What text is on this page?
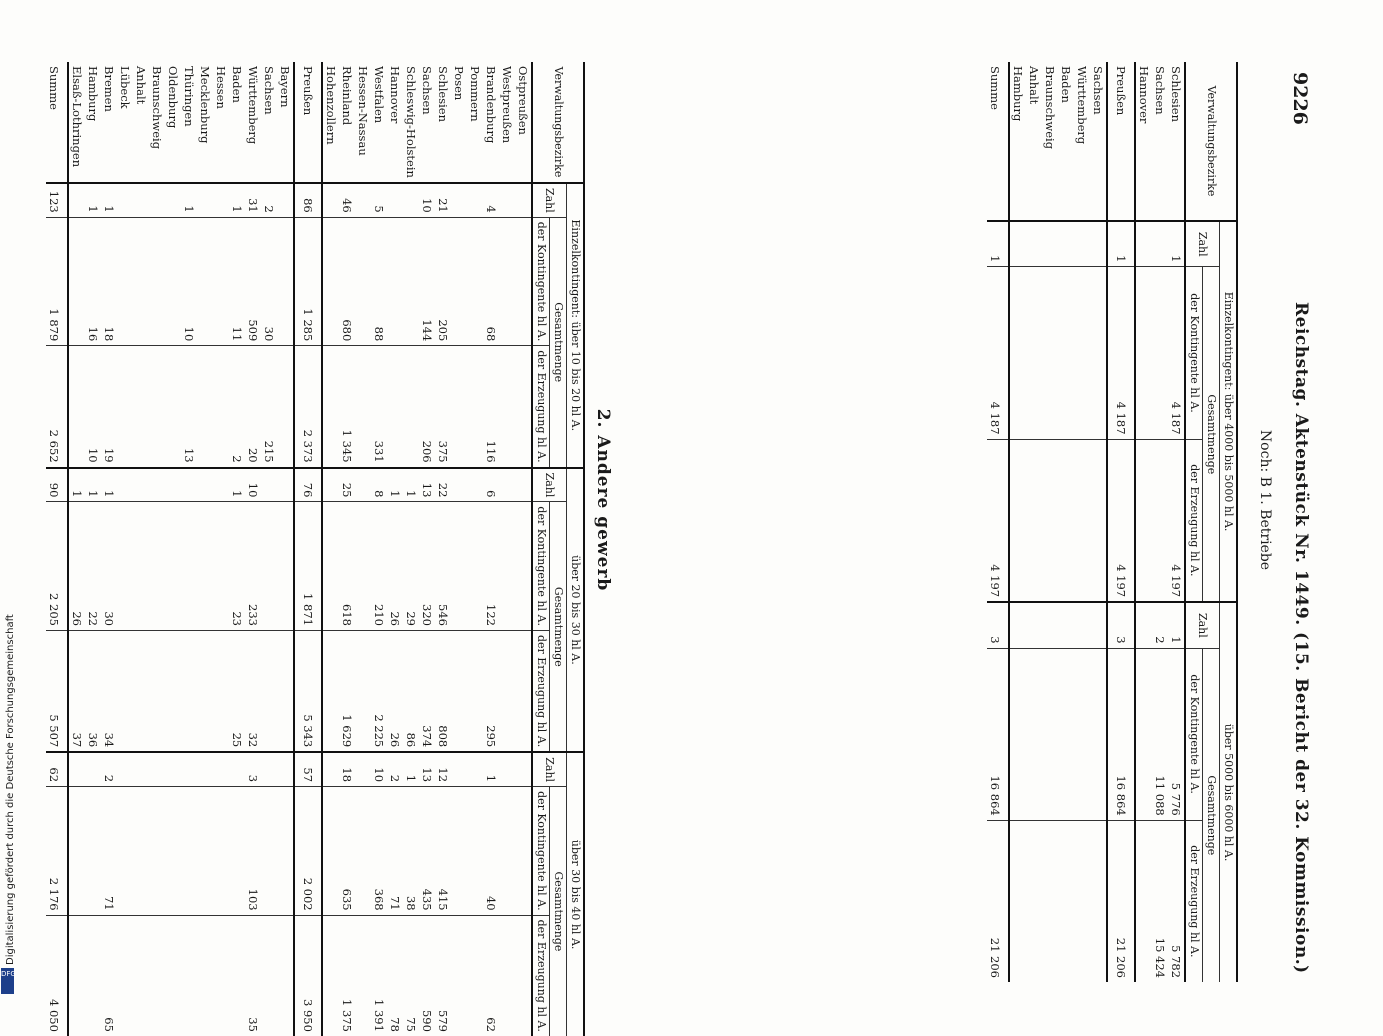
9226
Reichstag. Aktenstück Nr. 1449. (15. Bericht der 32. Kommission.)
Noch: B 1. Betriebe
Verwaltungsbezirke	Einzelkontingent: über 4000 bis 5000 hl A.			über 5000 bis 6000 hl A.		
	Zahl	Gesamtmenge		Zahl	Gesamtmenge	
		der Kontingente hl A.	der Erzeugung hl A.		der Kontingente hl A.	der Erzeugung hl A.
Schlesien	1	4 187	4 197	1	5 776	5 782
Sachsen				2	11 088	15 424
Hannover						
Preußen	1	4 187	4 197	3	16 864	21 206
Sachsen						
Württemberg						
Baden						
Braunschweig						
Anhalt						
Hamburg						
Summe	1	4 187	4 197	3	16 864	21 206
2. Andere gewerb
Verwaltungsbezirke	Einzelkontingent: über 10 bis 20 hl A.			über 20 bis 30 hl A.			über 30 bis 40 hl A.		
	Zahl	Gesamtmenge		Zahl	Gesamtmenge		Zahl	Gesamtmenge	
		der Kontingente hl A.	der Erzeugung hl A.		der Kontingente hl A.	der Erzeugung hl A.		der Kontingente hl A.	der Erzeugung hl A.
Ostpreußen									
Westpreußen									
Brandenburg	4	68	116	6	122	295	1	40	62
Pommern									
Posen									
Schlesien	21	205	375	22	546	808	12	415	579
Sachsen	10	144	206	13	320	374	13	435	590
Schleswig-Holstein				1	29	86	1	38	75
Hannover				1	26	26	2	71	78
Westfalen	5	88	331	8	210	2 225	10	368	1 391
Hessen-Nassau									
Rheinland	46	680	1 345	25	618	1 629	18	635	1 375
Hohenzollern									
Preußen	86	1 285	2 373	76	1 871	5 343	57	2 002	3 950
Bayern									
Sachsen	2	30	215						
Württemberg	31	509	20	10	233	32	3	103	35
Baden	1	11	2	1	23	25			
Hessen									
Mecklenburg									
Thüringen	1	10	13						
Oldenburg									
Braunschweig									
Anhalt									
Lübeck									
Bremen	1	18	19	1	30	34	2	71	65
Hamburg	1	16	10	1	22	36			
Elsaß-Lothringen				1	26	37			
Summe	123	1 879	2 652	90	2 205	5 507	62	2 176	4 050
Digitalisierung gefördert durch die Deutsche Forschungsgemeinschaft
DFG
